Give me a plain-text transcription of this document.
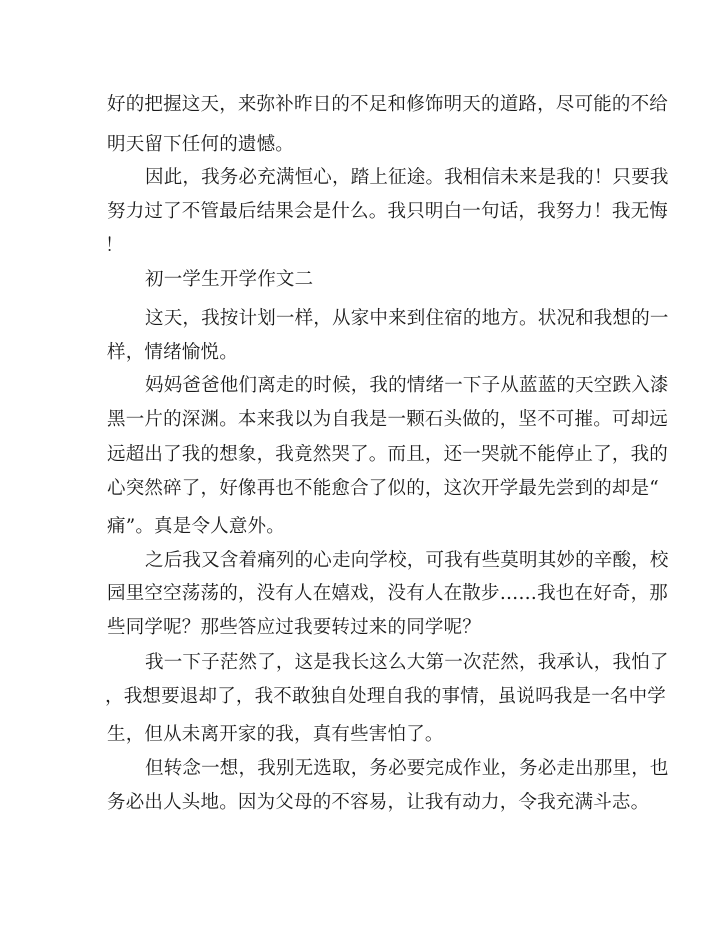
好的把握这天，来弥补昨日的不足和修饰明天的道路，尽可能的不给
明天留下任何的遗憾。
因此，我务必充满恒心，踏上征途。我相信未来是我的！只要我
努力过了不管最后结果会是什么。我只明白一句话，我努力！我无悔
！
初一学生开学作文二
这天，我按计划一样，从家中来到住宿的地方。状况和我想的一
样，情绪愉悦。
妈妈爸爸他们离走的时候，我的情绪一下子从蓝蓝的天空跌入漆
黑一片的深渊。本来我以为自我是一颗石头做的，坚不可摧。可却远
远超出了我的想象，我竟然哭了。而且，还一哭就不能停止了，我的
心突然碎了，好像再也不能愈合了似的，这次开学最先尝到的却是“
痛”。真是令人意外。
之后我又含着痛列的心走向学校，可我有些莫明其妙的辛酸，校
园里空空荡荡的，没有人在嬉戏，没有人在散步……我也在好奇，那
些同学呢？那些答应过我要转过来的同学呢？
我一下子茫然了，这是我长这么大第一次茫然，我承认，我怕了
，我想要退却了，我不敢独自处理自我的事情，虽说吗我是一名中学
生，但从未离开家的我，真有些害怕了。
但转念一想，我别无选取，务必要完成作业，务必走出那里，也
务必出人头地。因为父母的不容易，让我有动力，令我充满斗志。
